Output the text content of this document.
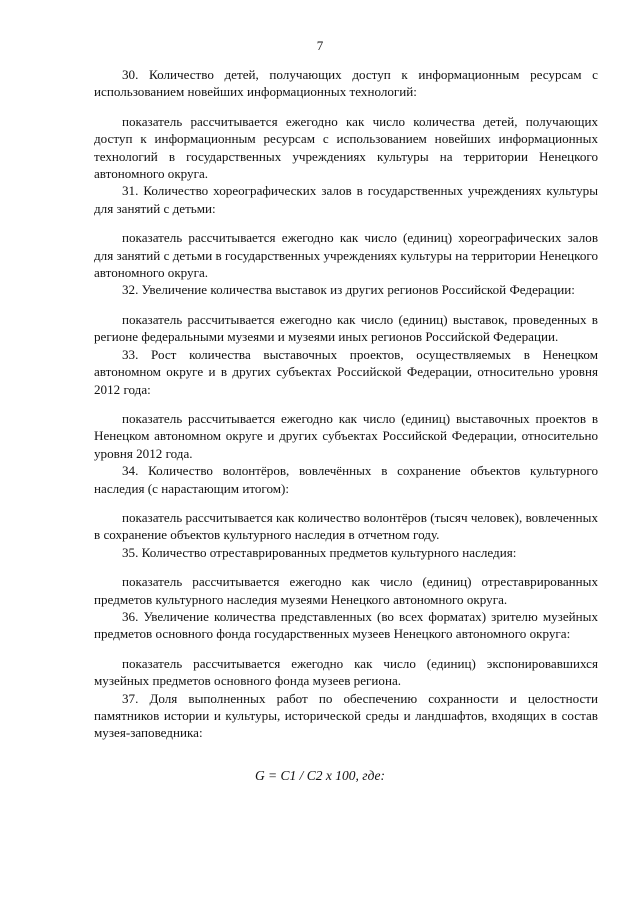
7

30. Количество детей, получающих доступ к информационным ресурсам с использованием новейших информационных технологий:

показатель рассчитывается ежегодно как число количества детей, получающих доступ к информационным ресурсам с использованием новейших информационных технологий в государственных учреждениях культуры на территории Ненецкого автономного округа.

31. Количество хореографических залов в государственных учреждениях культуры для занятий с детьми:

показатель рассчитывается ежегодно как число (единиц) хореографических залов для занятий с детьми в государственных учреждениях культуры на территории Ненецкого автономного округа.

32. Увеличение количества выставок из других регионов Российской Федерации:

показатель рассчитывается ежегодно как число (единиц) выставок, проведенных в регионе федеральными музеями и музеями иных регионов Российской Федерации.

33. Рост количества выставочных проектов, осуществляемых в Ненецком автономном округе и в других субъектах Российской Федерации, относительно уровня 2012 года:

показатель рассчитывается ежегодно как число (единиц) выставочных проектов в Ненецком автономном округе и других субъектах Российской Федерации, относительно уровня 2012 года.

34. Количество волонтёров, вовлечённых в сохранение объектов культурного наследия (с нарастающим итогом):

показатель рассчитывается как количество волонтёров (тысяч человек), вовлеченных в сохранение объектов культурного наследия в отчетном году.

35. Количество отреставрированных предметов культурного наследия:

показатель рассчитывается ежегодно как число (единиц) отреставрированных предметов культурного наследия музеями Ненецкого автономного округа.

36. Увеличение количества представленных (во всех форматах) зрителю музейных предметов основного фонда государственных музеев Ненецкого автономного округа:

показатель рассчитывается ежегодно как число (единиц) экспонировавшихся музейных предметов основного фонда музеев региона.

37. Доля выполненных работ по обеспечению сохранности и целостности памятников истории и культуры, исторической среды и ландшафтов, входящих в состав музея-заповедника:

G = C1 / C2 x 100, где:
